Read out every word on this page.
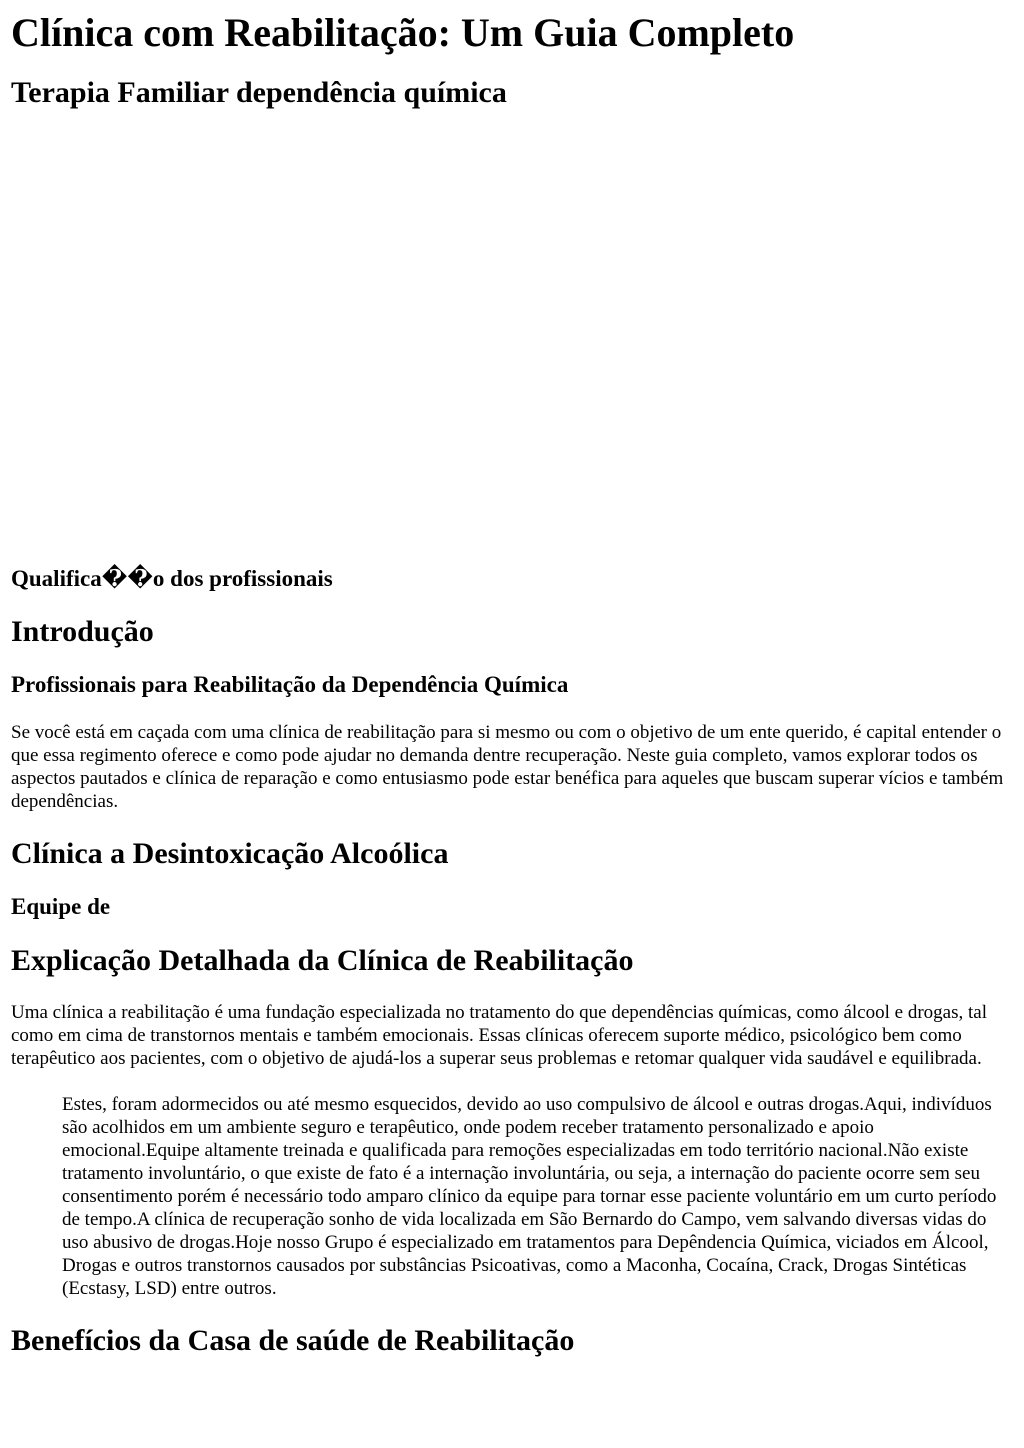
Clínica com Reabilitação: Um Guia Completo
Terapia Familiar dependência química
Qualifica��o dos profissionais
Introdução
Profissionais para Reabilitação da Dependência Química

Se você está em caçada com uma clínica de reabilitação para si mesmo ou com o objetivo de um ente querido, é capital entender o que essa regimento oferece e como pode ajudar no demanda dentre recuperação. Neste guia completo, vamos explorar todos os aspectos pautados e clínica de reparação e como entusiasmo pode estar benéfica para aqueles que buscam superar vícios e também dependências.

Clínica a Desintoxicação Alcoólica
Equipe de
Explicação Detalhada da Clínica de Reabilitação

Uma clínica a reabilitação é uma fundação especializada no tratamento do que dependências químicas, como álcool e drogas, tal como em cima de transtornos mentais e também emocionais. Essas clínicas oferecem suporte médico, psicológico bem como terapêutico aos pacientes, com o objetivo de ajudá-los a superar seus problemas e retomar qualquer vida saudável e equilibrada.

Estes, foram adormecidos ou até mesmo esquecidos, devido ao uso compulsivo de álcool e outras drogas.Aqui, indivíduos são acolhidos em um ambiente seguro e terapêutico, onde podem receber tratamento personalizado e apoio emocional.Equipe altamente treinada e qualificada para remoções especializadas em todo território nacional.Não existe tratamento involuntário, o que existe de fato é a internação involuntária, ou seja, a internação do paciente ocorre sem seu consentimento porém é necessário todo amparo clínico da equipe para tornar esse paciente voluntário em um curto período de tempo.A clínica de recuperação sonho de vida localizada em São Bernardo do Campo, vem salvando diversas vidas do uso abusivo de drogas.Hoje nosso Grupo é especializado em tratamentos para Depêndencia Química, viciados em Álcool, Drogas e outros transtornos causados por substâncias Psicoativas, como a Maconha, Cocaína, Crack, Drogas Sintéticas (Ecstasy, LSD) entre outros.
Benefícios da Casa de saúde de Reabilitação
